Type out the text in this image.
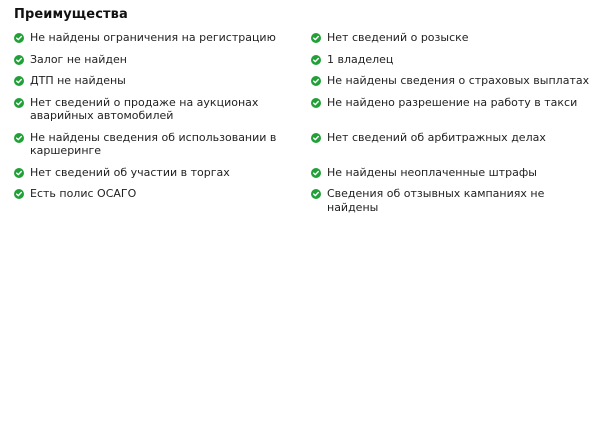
Преимущества
Не найдены ограничения на регистрацию	Нет сведений о розыске
Залог не найден	1 владелец
ДТП не найдены	Не найдены сведения о страховых выплатах
Нет сведений о продаже на аукционах аварийных автомобилей
Не найдено разрешение на работу в такси
Не найдены сведения об использовании в каршеринге
Нет сведений об арбитражных делах
Нет сведений об участии в торгах	Не найдены неоплаченные штрафы
Есть полис ОСАГО	Сведения об отзывных кампаниях не найдены
